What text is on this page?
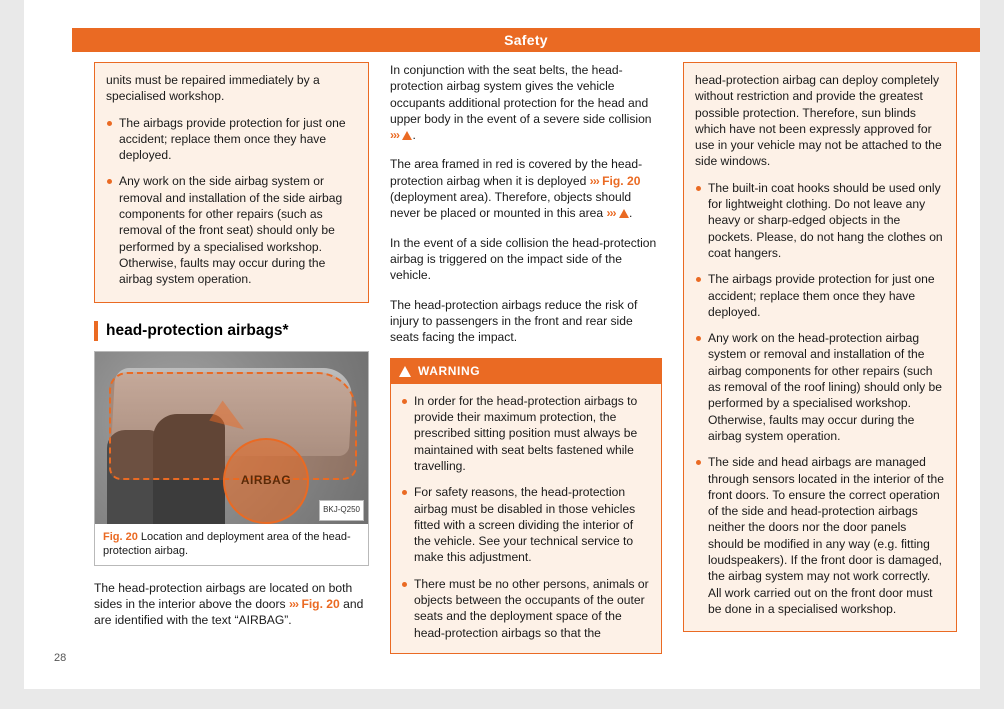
Safety
28

units must be repaired immediately by a specialised workshop.

The airbags provide protection for just one accident; replace them once they have deployed.
Any work on the side airbag system or removal and installation of the side airbag components for other repairs (such as removal of the front seat) should only be performed by a specialised workshop. Otherwise, faults may occur during the airbag system operation.
head-protection airbags*
AIRBAG
BKJ-Q250
Fig. 20 Location and deployment area of the head-protection airbag.

The head-protection airbags are located on both sides in the interior above the doors ››› Fig. 20 and are identified with the text “AIRBAG”.

In conjunction with the seat belts, the head-protection airbag system gives the vehicle occupants additional protection for the head and upper body in the event of a severe side collision ››› .

The area framed in red is covered by the head-protection airbag when it is deployed ››› Fig. 20 (deployment area). Therefore, objects should never be placed or mounted in this area ››› .

In the event of a side collision the head-protection airbag is triggered on the impact side of the vehicle.

The head-protection airbags reduce the risk of injury to passengers in the front and rear side seats facing the impact.

WARNING
In order for the head-protection airbags to provide their maximum protection, the prescribed sitting position must always be maintained with seat belts fastened while travelling.
For safety reasons, the head-protection airbag must be disabled in those vehicles fitted with a screen dividing the interior of the vehicle. See your technical service to make this adjustment.
There must be no other persons, animals or objects between the occupants of the outer seats and the deployment space of the head-protection airbags so that the

head-protection airbag can deploy completely without restriction and provide the greatest possible protection. Therefore, sun blinds which have not been expressly approved for use in your vehicle may not be attached to the side windows.

The built-in coat hooks should be used only for lightweight clothing. Do not leave any heavy or sharp-edged objects in the pockets. Please, do not hang the clothes on coat hangers.
The airbags provide protection for just one accident; replace them once they have deployed.
Any work on the head-protection airbag system or removal and installation of the airbag components for other repairs (such as removal of the roof lining) should only be performed by a specialised workshop. Otherwise, faults may occur during the airbag system operation.
The side and head airbags are managed through sensors located in the interior of the front doors. To ensure the correct operation of the side and head-protection airbags neither the doors nor the door panels should be modified in any way (e.g. fitting loudspeakers). If the front door is damaged, the airbag system may not work correctly. All work carried out on the front door must be done in a specialised workshop.
